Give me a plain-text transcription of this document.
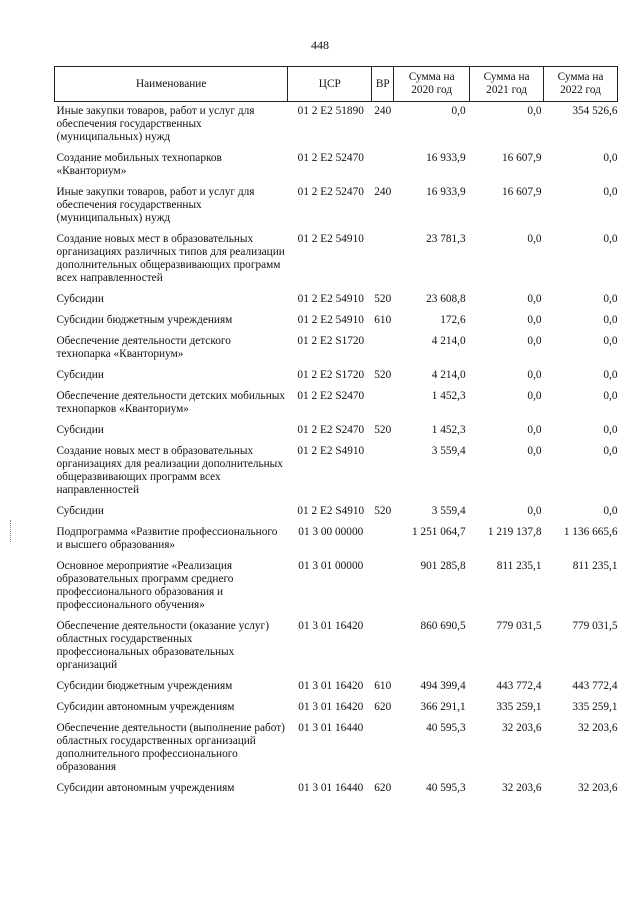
448
Наименование	ЦСР	ВР	Сумма на 2020 год	Сумма на 2021 год	Сумма на 2022 год
Иные закупки товаров, работ и услуг для обеспечения государственных (муниципальных) нужд	01 2 E2 51890	240	0,0	0,0	354 526,6
Создание мобильных технопарков «Кванториум»	01 2 E2 52470		16 933,9	16 607,9	0,0
Иные закупки товаров, работ и услуг для обеспечения государственных (муниципальных) нужд	01 2 E2 52470	240	16 933,9	16 607,9	0,0
Создание новых мест в образовательных организациях различных типов для реализации дополнительных общеразвивающих программ всех направленностей	01 2 E2 54910		23 781,3	0,0	0,0
Субсидии	01 2 E2 54910	520	23 608,8	0,0	0,0
Субсидии бюджетным учреждениям	01 2 E2 54910	610	172,6	0,0	0,0
Обеспечение деятельности детского технопарка «Кванториум»	01 2 E2 S1720		4 214,0	0,0	0,0
Субсидии	01 2 E2 S1720	520	4 214,0	0,0	0,0
Обеспечение деятельности детских мобильных технопарков «Кванториум»	01 2 E2 S2470		1 452,3	0,0	0,0
Субсидии	01 2 E2 S2470	520	1 452,3	0,0	0,0
Создание новых мест в образовательных организациях для реализации дополнительных общеразвивающих программ всех направленностей	01 2 E2 S4910		3 559,4	0,0	0,0
Субсидии	01 2 E2 S4910	520	3 559,4	0,0	0,0
Подпрограмма «Развитие профессионального и высшего образования»	01 3 00 00000		1 251 064,7	1 219 137,8	1 136 665,6
Основное мероприятие «Реализация образовательных программ среднего профессионального образования и профессионального обучения»	01 3 01 00000		901 285,8	811 235,1	811 235,1
Обеспечение деятельности (оказание услуг) областных государственных профессиональных образовательных организаций	01 3 01 16420		860 690,5	779 031,5	779 031,5
Субсидии бюджетным учреждениям	01 3 01 16420	610	494 399,4	443 772,4	443 772,4
Субсидии автономным учреждениям	01 3 01 16420	620	366 291,1	335 259,1	335 259,1
Обеспечение деятельности (выполнение работ) областных государственных организаций дополнительного профессионального образования	01 3 01 16440		40 595,3	32 203,6	32 203,6
Субсидии автономным учреждениям	01 3 01 16440	620	40 595,3	32 203,6	32 203,6
